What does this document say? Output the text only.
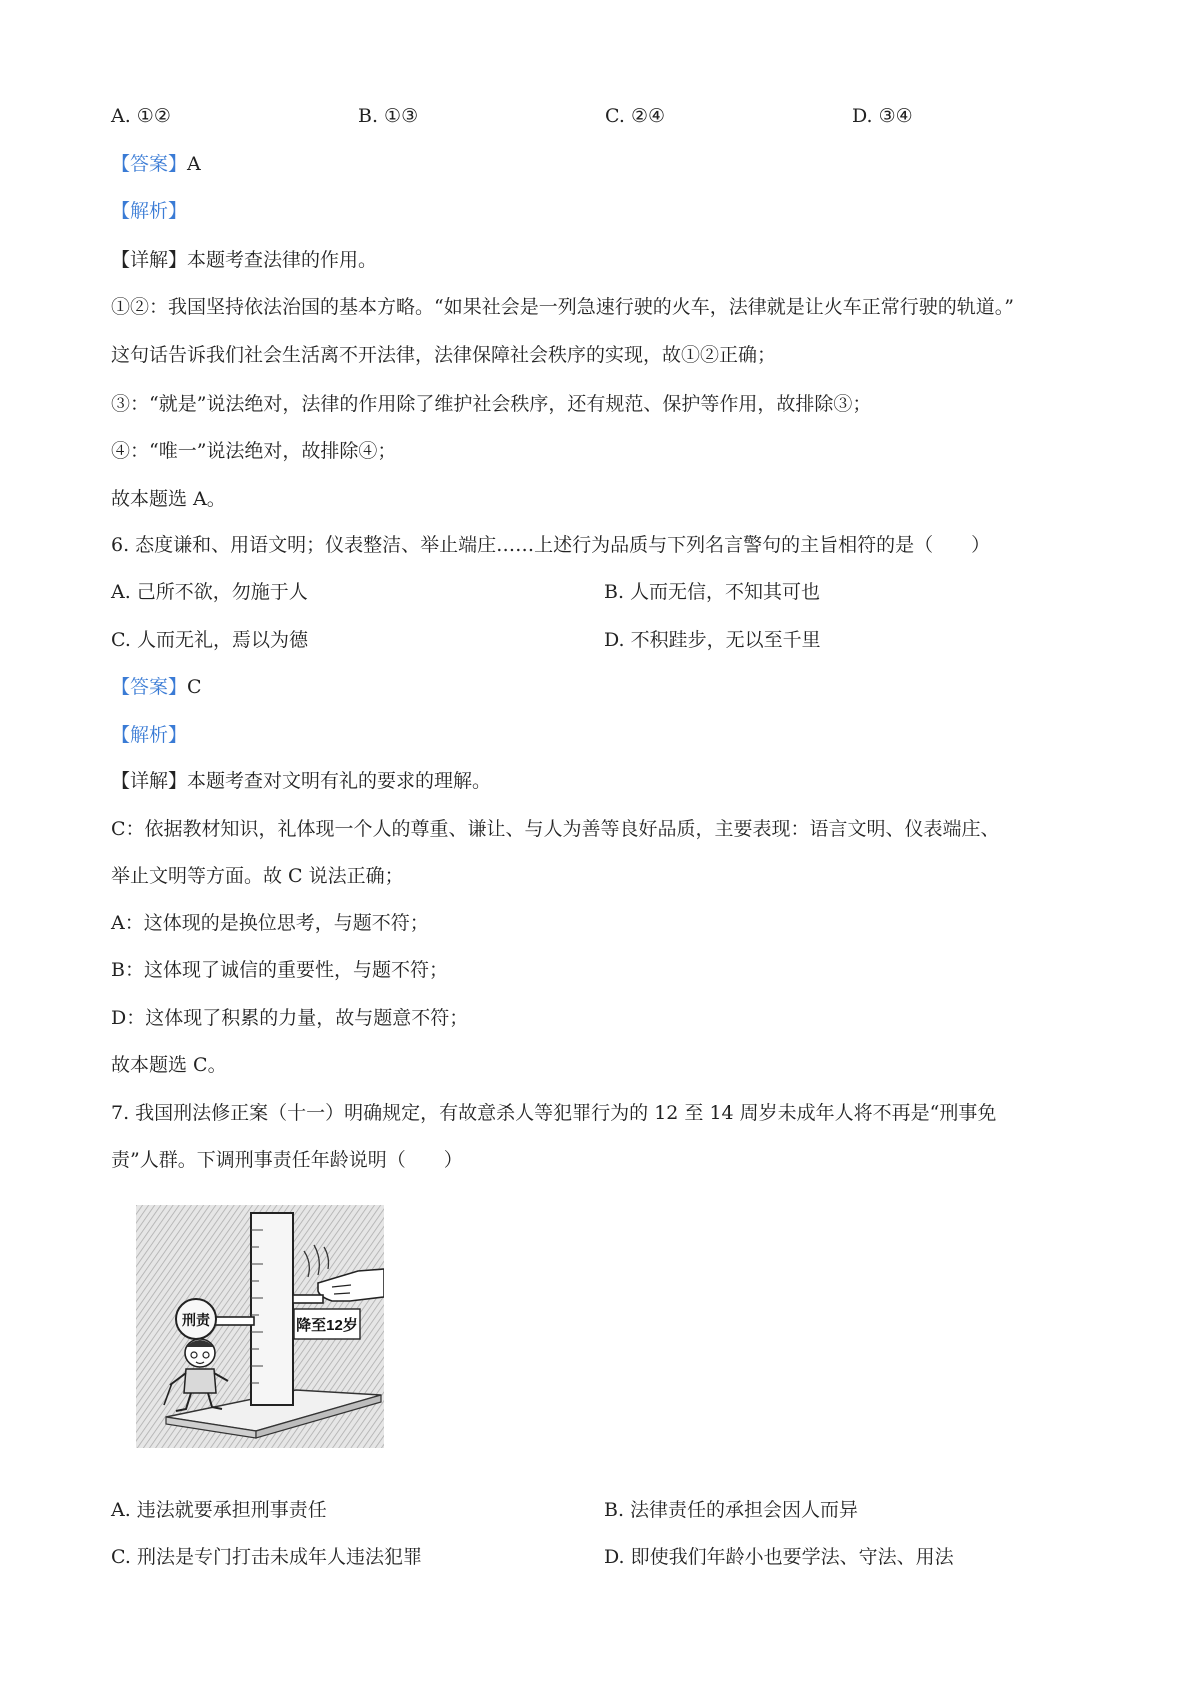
A. ①②	B. ①③	C. ②④	D. ③④
【答案】A
【解析】
【详解】本题考查法律的作用。
①②：我国坚持依法治国的基本方略。“如果社会是一列急速行驶的火车，法律就是让火车正常行驶的轨道。”
这句话告诉我们社会生活离不开法律，法律保障社会秩序的实现，故①②正确；
③：“就是”说法绝对，法律的作用除了维护社会秩序，还有规范、保护等作用，故排除③；
④：“唯一”说法绝对，故排除④；
故本题选 A。
6. 态度谦和、用语文明；仪表整洁、举止端庄……上述行为品质与下列名言警句的主旨相符的是（　　）
A. 己所不欲，勿施于人	B. 人而无信，不知其可也
C. 人而无礼，焉以为德	D. 不积跬步，无以至千里
【答案】C
【解析】
【详解】本题考查对文明有礼的要求的理解。
C：依据教材知识，礼体现一个人的尊重、谦让、与人为善等良好品质，主要表现：语言文明、仪表端庄、
举止文明等方面。故 C 说法正确；
A：这体现的是换位思考，与题不符；
B：这体现了诚信的重要性，与题不符；
D：这体现了积累的力量，故与题意不符；
故本题选 C。
7. 我国刑法修正案（十一）明确规定，有故意杀人等犯罪行为的 12 至 14 周岁未成年人将不再是“刑事免
责”人群。下调刑事责任年龄说明（　　）
刑责	降至12岁
A. 违法就要承担刑事责任	B. 法律责任的承担会因人而异
C. 刑法是专门打击未成年人违法犯罪	D. 即使我们年龄小也要学法、守法、用法
